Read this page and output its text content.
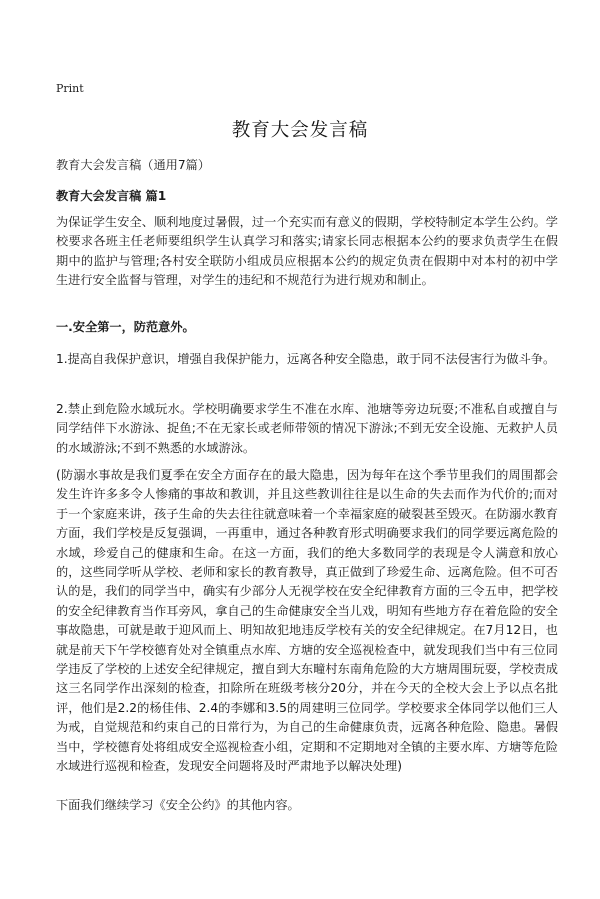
Print
教育大会发言稿
教育大会发言稿（通用7篇）
教育大会发言稿 篇1
为保证学生安全、顺利地度过暑假，过一个充实而有意义的假期，学校特制定本学生公约。学校要求各班主任老师要组织学生认真学习和落实;请家长同志根据本公约的要求负责学生在假期中的监护与管理;各村安全联防小组成员应根据本公约的规定负责在假期中对本村的初中学生进行安全监督与管理，对学生的违纪和不规范行为进行规劝和制止。
一.安全第一，防范意外。
1.提高自我保护意识，增强自我保护能力，远离各种安全隐患，敢于同不法侵害行为做斗争。
2.禁止到危险水域玩水。学校明确要求学生不准在水库、池塘等旁边玩耍;不准私自或擅自与同学结伴下水游泳、捉鱼;不在无家长或老师带领的情况下游泳;不到无安全设施、无救护人员的水域游泳;不到不熟悉的水域游泳。
(防溺水事故是我们夏季在安全方面存在的最大隐患，因为每年在这个季节里我们的周围都会发生许许多多令人惨痛的事故和教训，并且这些教训往往是以生命的失去而作为代价的;而对于一个家庭来讲，孩子生命的失去往往就意味着一个幸福家庭的破裂甚至毁灭。在防溺水教育方面，我们学校是反复强调，一再重申，通过各种教育形式明确要求我们的同学要远离危险的水域，珍爱自己的健康和生命。在这一方面，我们的绝大多数同学的表现是令人满意和放心的，这些同学听从学校、老师和家长的教育教导，真正做到了珍爱生命、远离危险。但不可否认的是，我们的同学当中，确实有少部分人无视学校在安全纪律教育方面的三令五申，把学校的安全纪律教育当作耳旁风，拿自己的生命健康安全当儿戏，明知有些地方存在着危险的安全事故隐患，可就是敢于迎风而上、明知故犯地违反学校有关的安全纪律规定。在7月12日，也就是前天下午学校德育处对全镇重点水库、方塘的安全巡视检查中，就发现我们当中有三位同学违反了学校的上述安全纪律规定，擅自到大东疃村东南角危险的大方塘周围玩耍，学校责成这三名同学作出深刻的检查，扣除所在班级考核分20分，并在今天的全校大会上予以点名批评，他们是2.2的杨佳伟、2.4的李娜和3.5的周建明三位同学。学校要求全体同学以他们三人为戒，自觉规范和约束自己的日常行为，为自己的生命健康负责，远离各种危险、隐患。暑假当中，学校德育处将组成安全巡视检查小组，定期和不定期地对全镇的主要水库、方塘等危险水域进行巡视和检查，发现安全问题将及时严肃地予以解决处理)
下面我们继续学习《安全公约》的其他内容。
